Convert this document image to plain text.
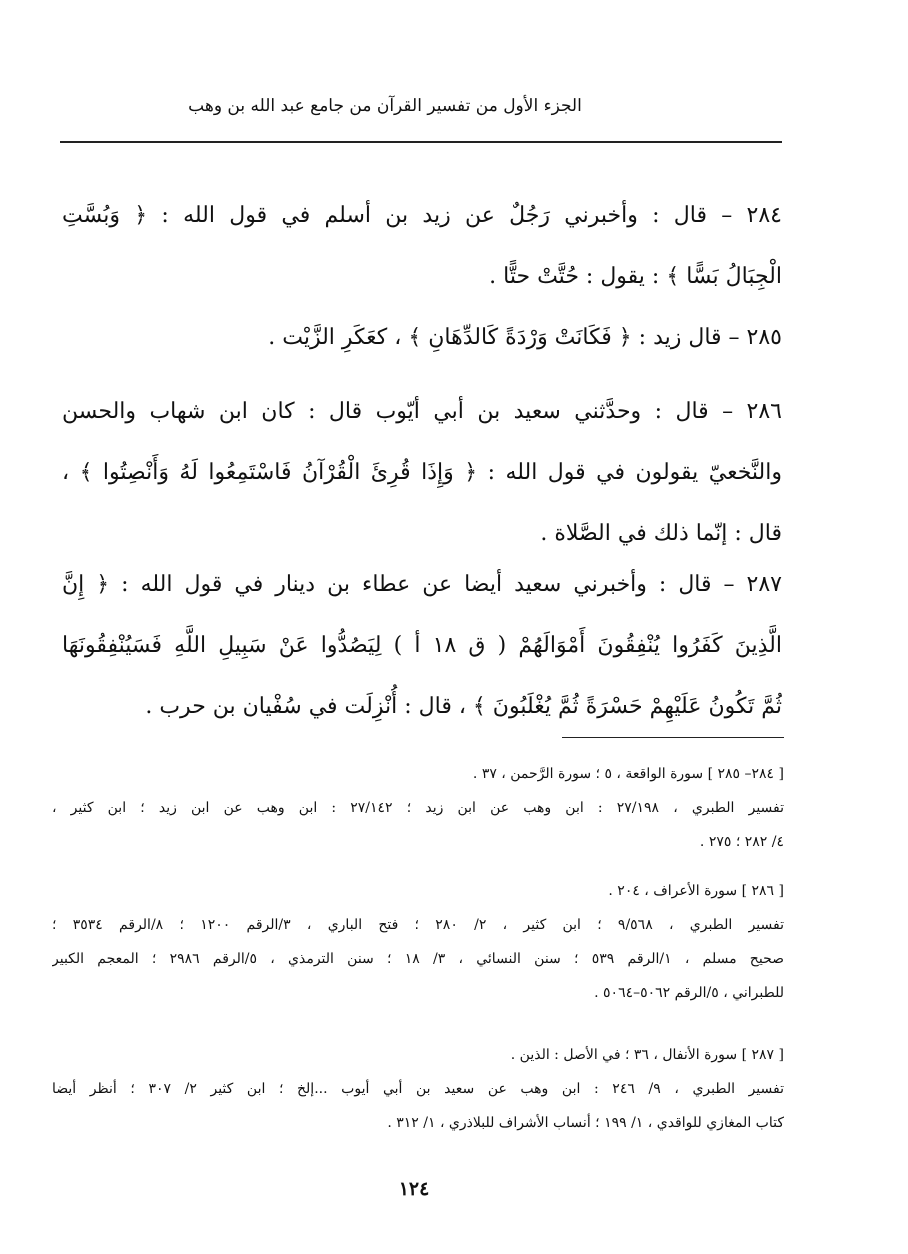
الجزء الأول من تفسير القرآن من جامع عبد الله بن وهب

٢٨٤ – قال : وأخبرني رَجُلٌ عن زيد بن أسلم في قول الله : ﴿ وَبُسَّتِ
الْجِبَالُ بَسًّا ﴾ : يقول : حُتَّتْ حتًّا .

٢٨٥ – قال زيد : ﴿ فَكَانَتْ وَرْدَةً كَالدِّهَانِ ﴾ ، كعَكَرِ الزَّيْت .

٢٨٦ – قال : وحدَّثني سعيد بن أبي أيّوب قال : كان ابن شهاب والحسن
والنَّخعيّ يقولون في قول الله : ﴿ وَإِذَا قُرِئَ الْقُرْآنُ فَاسْتَمِعُوا لَهُ وَأَنْصِتُوا ﴾ ،
قال : إنّما ذلك في الصَّلاة .

٢٨٧ – قال : وأخبرني سعيد أيضا عن عطاء بن دينار في قول الله : ﴿ إِنَّ
الَّذِينَ كَفَرُوا يُنْفِقُونَ أَمْوَالَهُمْ ( ق ١٨ أ ) لِيَصُدُّوا عَنْ سَبِيلِ اللَّهِ فَسَيُنْفِقُونَهَا
ثُمَّ تَكُونُ عَلَيْهِمْ حَسْرَةً ثُمَّ يُغْلَبُونَ ﴾ ، قال : أُنْزِلَت في سُفْيان بن حرب .

[ ٢٨٤– ٢٨٥ ] سورة الواقعة ، ٥ ؛ سورة الرَّحمن ، ٣٧ .
تفسير الطبري ، ٢٧/١٩٨ : ابن وهب عن ابن زيد ؛ ٢٧/١٤٢ : ابن وهب عن ابن زيد ؛ ابن كثير ،
٤/ ٢٨٢ ؛ ٢٧٥ .
[ ٢٨٦ ] سورة الأعراف ، ٢٠٤ .
تفسير الطبري ، ٩/٥٦٨ ؛ ابن كثير ، ٢/ ٢٨٠ ؛ فتح الباري ، ٣/الرقم ١٢٠٠ ؛ ٨/الرقم ٣٥٣٤ ؛
صحيح مسلم ، ١/الرقم ٥٣٩ ؛ سنن النسائي ، ٣/ ١٨ ؛ سنن الترمذي ، ٥/الرقم ٢٩٨٦ ؛ المعجم الكبير
للطبراني ، ٥/الرقم ٥٠٦٢–٥٠٦٤ .
[ ٢٨٧ ] سورة الأنفال ، ٣٦ ؛ في الأصل : الذين .
تفسير الطبري ، ٩/ ٢٤٦ : ابن وهب عن سعيد بن أبي أيوب ...إلخ ؛ ابن كثير ٢/ ٣٠٧ ؛ أنظر أيضا
كتاب المغازي للواقدي ، ١/ ١٩٩ ؛ أنساب الأشراف للبلاذري ، ١/ ٣١٢ .
١٢٤
